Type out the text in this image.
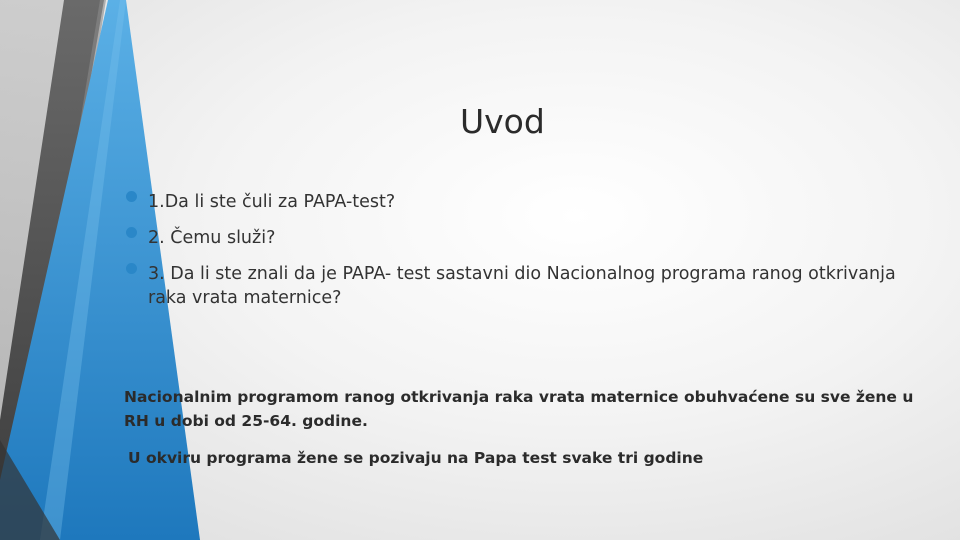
Uvod
1.Da li ste čuli za PAPA-test?
2. Čemu služi?
3. Da li ste znali da je PAPA- test sastavni dio Nacionalnog programa ranog otkrivanja raka vrata maternice?
Nacionalnim programom ranog otkrivanja raka vrata maternice obuhvaćene su sve žene u RH u dobi od 25-64. godine.
U okviru programa žene se pozivaju na Papa test svake tri godine
